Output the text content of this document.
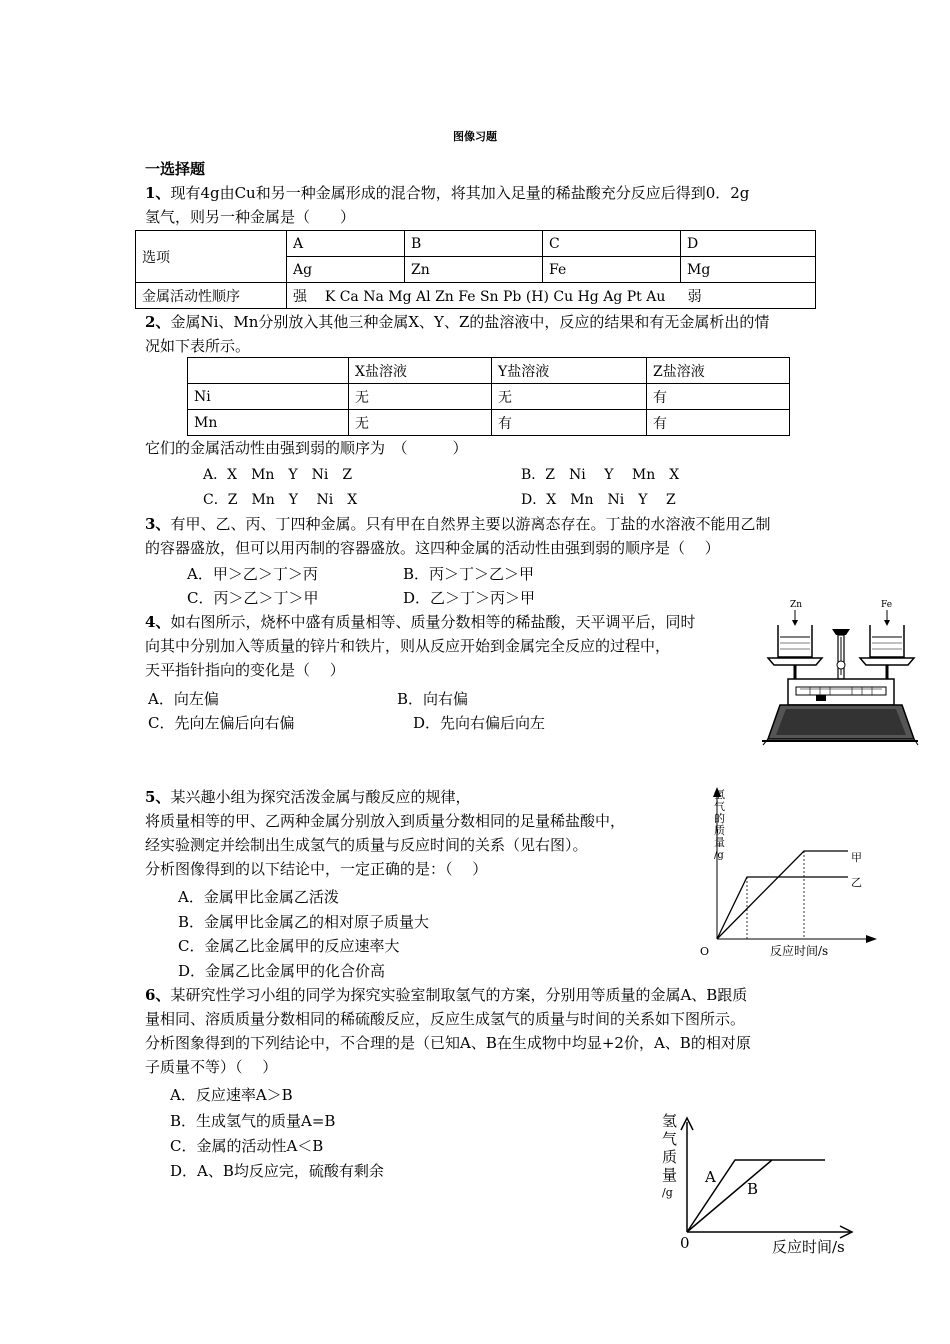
图像习题
一选择题
1、现有4g由Cu和另一种金属形成的混合物，将其加入足量的稀盐酸充分反应后得到0．2g
氢气，则另一种金属是（　　）
选项	A	B	C	D
	Ag	Zn	Fe	Mg
金属活动性顺序	强 K Ca Na Mg Al Zn Fe Sn Pb (H) Cu Hg Ag Pt Au 弱			
2、金属Ni、Mn分别放入其他三种金属X、Y、Z的盐溶液中，反应的结果和有无金属析出的情
况如下表所示。
	X盐溶液	Y盐溶液	Z盐溶液
Ni	无	无	有
Mn	无	有	有
它们的金属活动性由强到弱的顺序为　（　　　）
A．X　Mn　Y　Ni　Z	B．Z　Ni　 Y　 Mn　X
C．Z　Mn　Y　 Ni　X	D．X　Mn　Ni　Y　 Z
3、有甲、乙、丙、丁四种金属。只有甲在自然界主要以游离态存在。丁盐的水溶液不能用乙制
的容器盛放，但可以用丙制的容器盛放。这四种金属的活动性由强到弱的顺序是（　 ）
A．甲＞乙＞丁＞丙	B．丙＞丁＞乙＞甲
C．丙＞乙＞丁＞甲	D．乙＞丁＞丙＞甲
4、如右图所示，烧杯中盛有质量相等、质量分数相等的稀盐酸，天平调平后，同时
向其中分别加入等质量的锌片和铁片，则从反应开始到金属完全反应的过程中，
天平指针指向的变化是（　 ）
A．向左偏	B．向右偏
C．先向左偏后向右偏	D．先向右偏后向左
Zn	Fe
5、某兴趣小组为探究活泼金属与酸反应的规律，
将质量相等的甲、乙两种金属分别放入到质量分数相同的足量稀盐酸中，
经实验测定并绘制出生成氢气的质量与反应时间的关系（见右图）。
分析图像得到的以下结论中，一定正确的是：（　 ）
A．金属甲比金属乙活泼
B．金属甲比金属乙的相对原子质量大
C．金属乙比金属甲的反应速率大
D．金属乙比金属甲的化合价高
氢
气
的
质
量
/g
O	反应时间/s
甲
乙
6、某研究性学习小组的同学为探究实验室制取氢气的方案，分别用等质量的金属A、B跟质
量相同、溶质质量分数相同的稀硫酸反应，反应生成氢气的质量与时间的关系如下图所示。
分析图象得到的下列结论中，不合理的是（已知A、B在生成物中均显+2价，A、B的相对原
子质量不等）（　 ）
A．反应速率A＞B
B．生成氢气的质量A=B
C．金属的活动性A＜B
D．A、B均反应完，硫酸有剩余
氢
气
质
量
/g
0	反应时间/s
A
B
